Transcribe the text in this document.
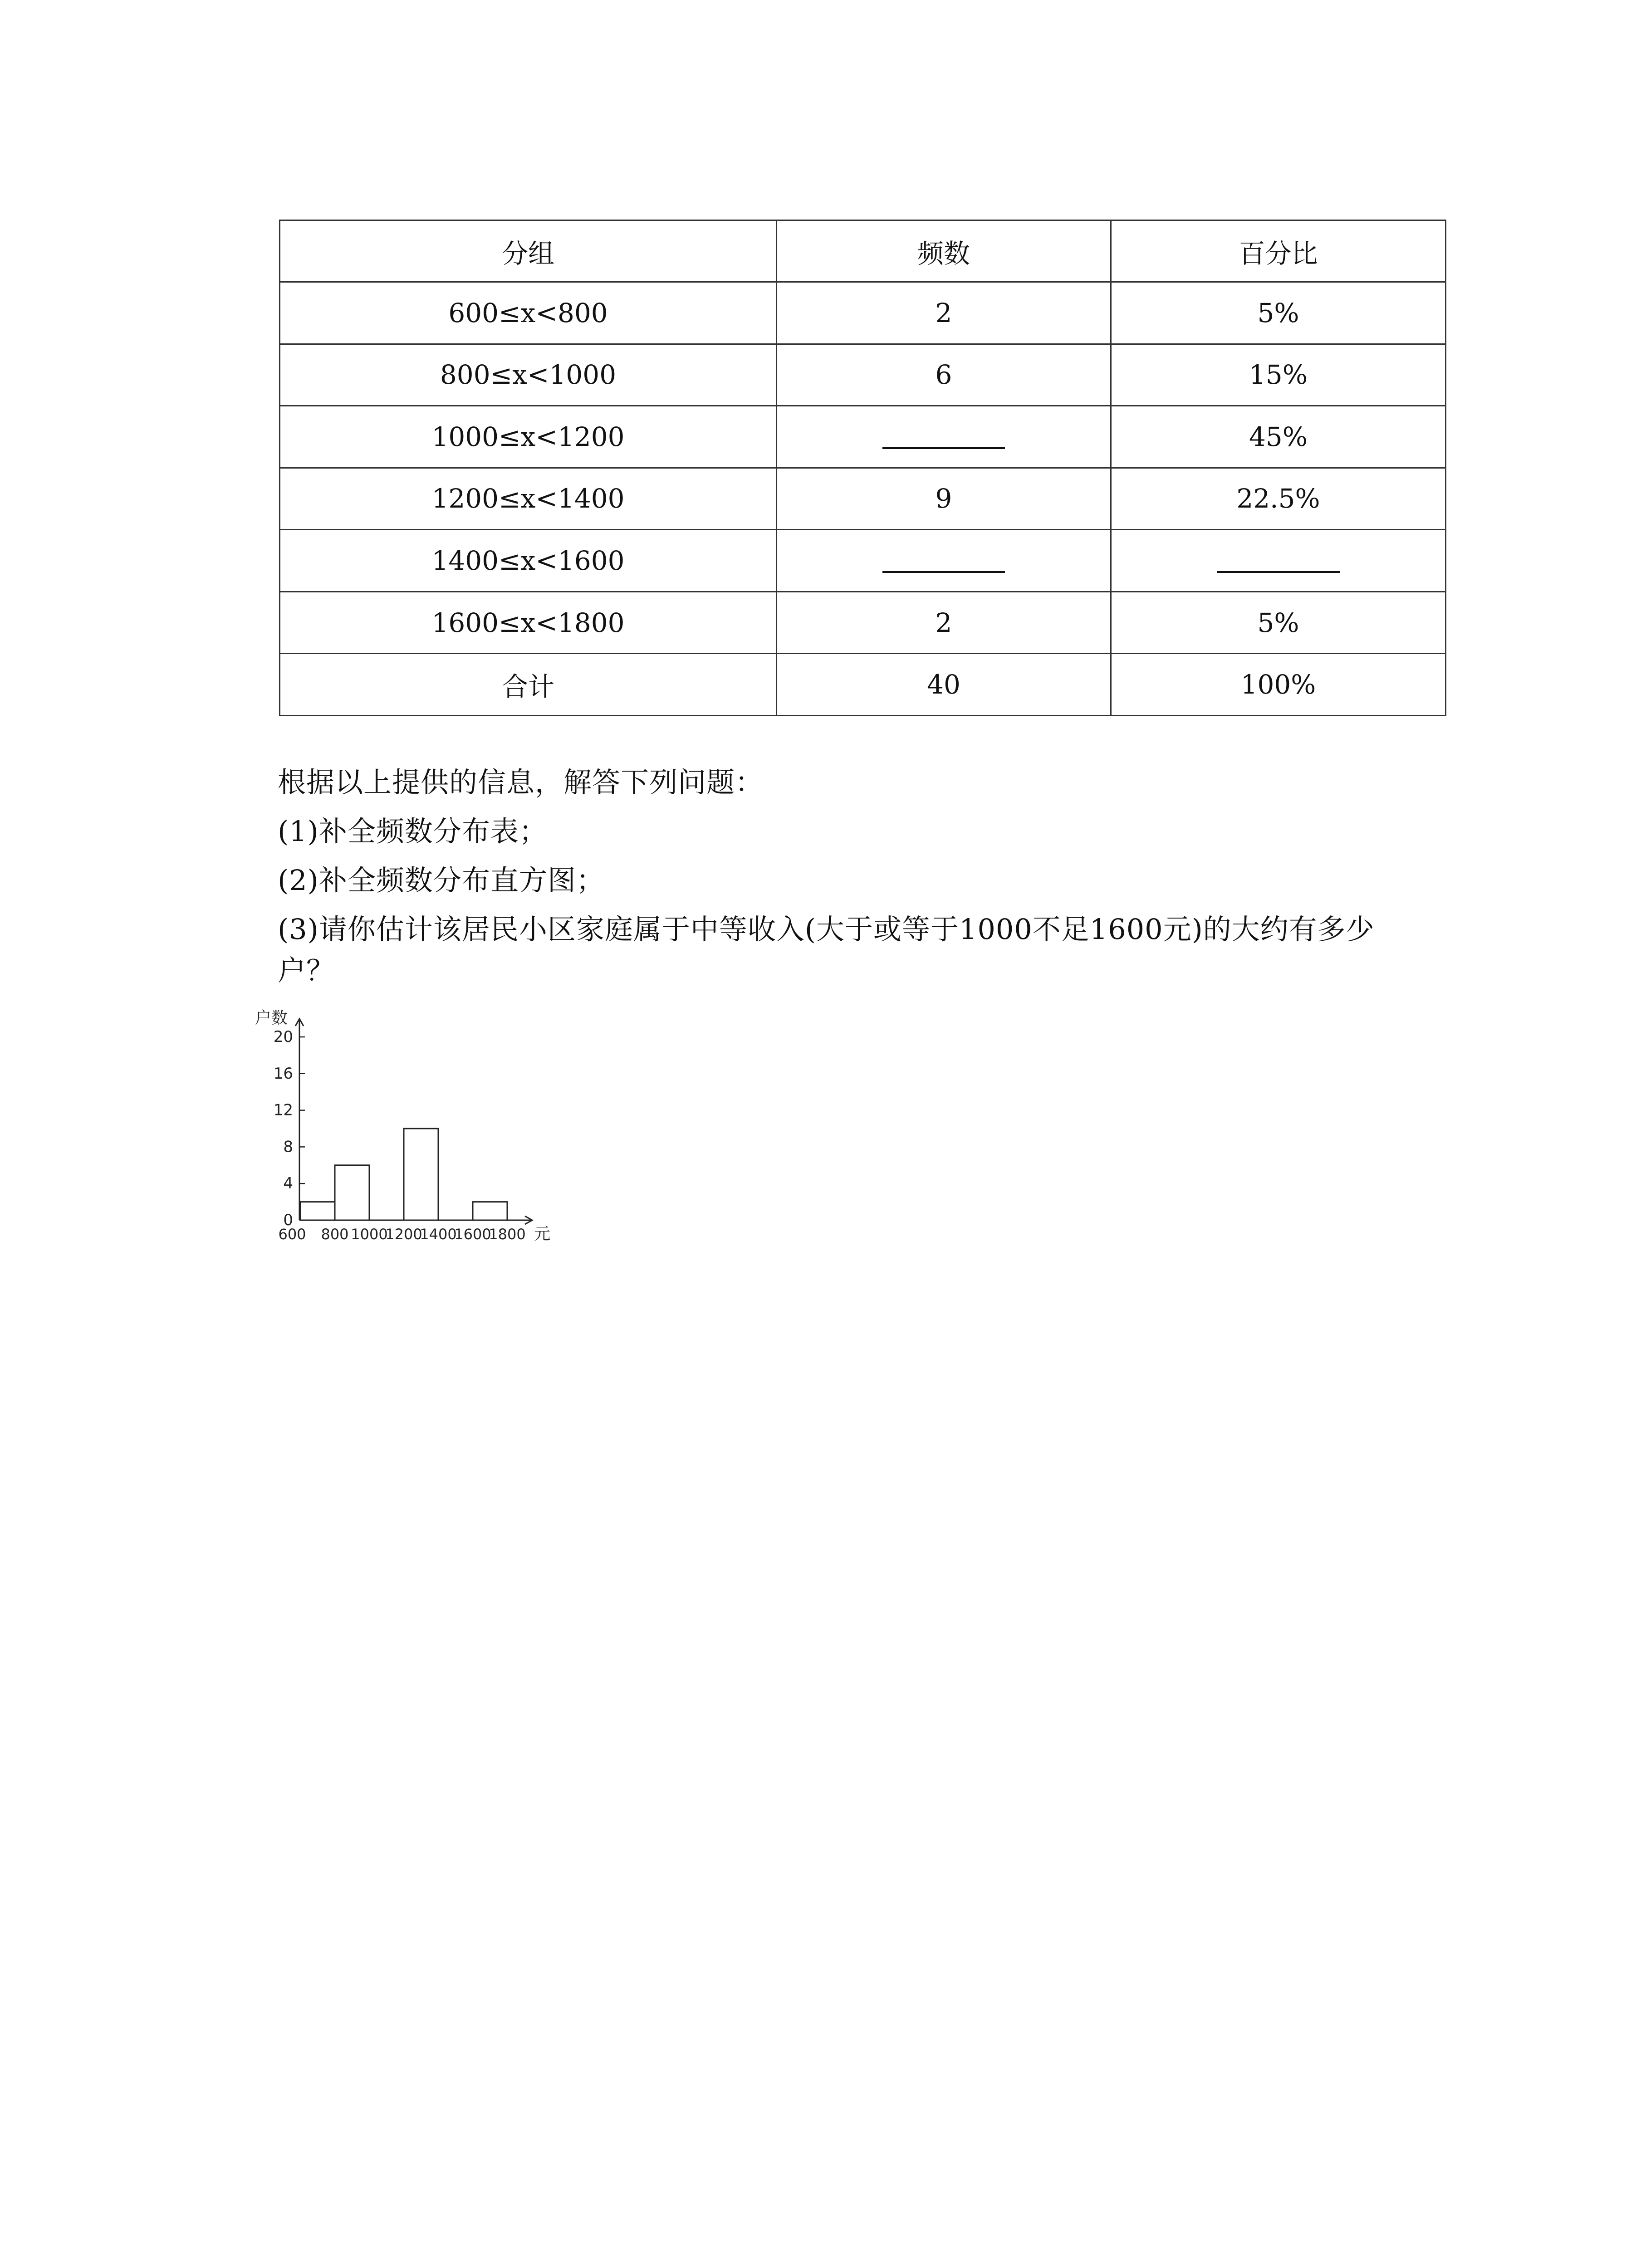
分组	频数	百分比
600≤x<800	2	5%
800≤x<1000	6	15%
1000≤x<1200		45%
1200≤x<1400	9	22.5%
1400≤x<1600		
1600≤x<1800	2	5%
合计	40	100%
根据以上提供的信息，解答下列问题：
(1)补全频数分布表；
(2)补全频数分布直方图；
(3)请你估计该居民小区家庭属于中等收入(大于或等于1000不足1600元)的大约有多少
户？
0
4
8
12
16
20
户数
600 800 1000
1200
1400
1600
1800 元
